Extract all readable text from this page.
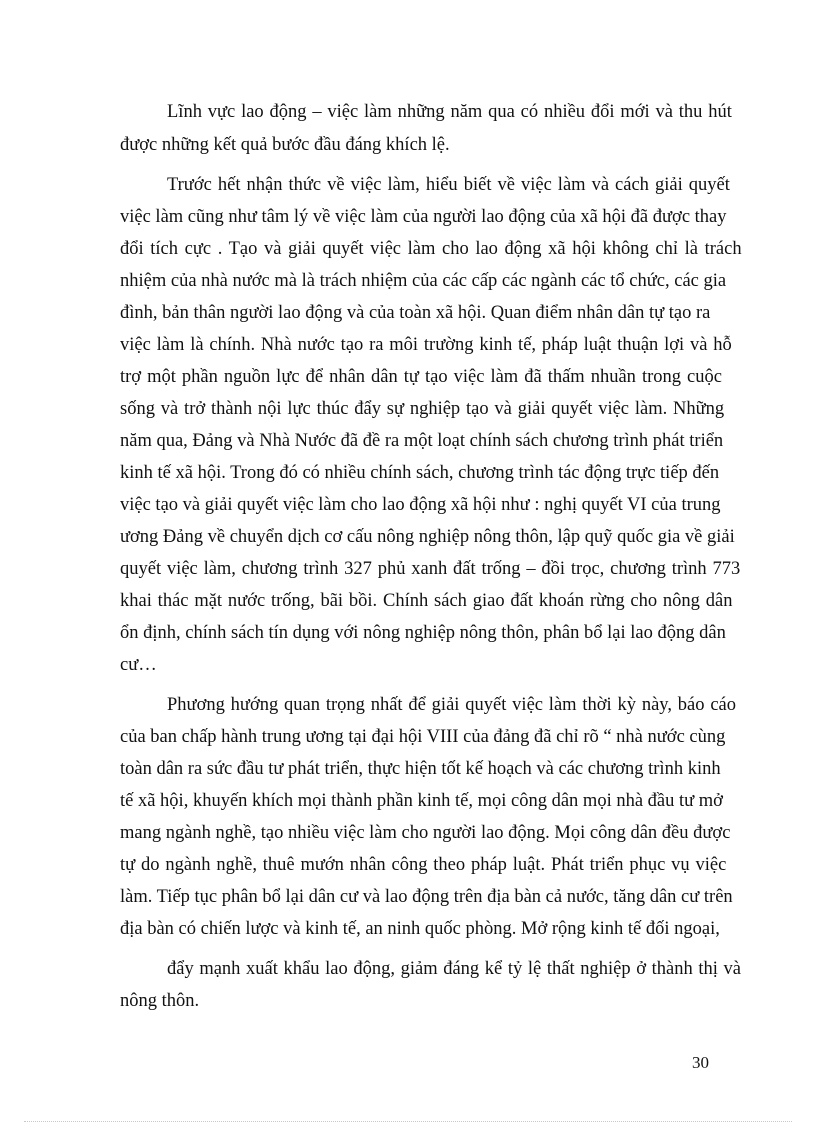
Lĩnh vực lao động – việc làm những năm qua có nhiều đổi mới và thu hút
được những kết quả bước đầu đáng khích lệ.
Trước hết nhận thức về việc làm, hiểu biết về việc làm và cách giải quyết
việc làm cũng như tâm lý về việc làm của người lao động của xã hội đã được thay
đổi tích cực . Tạo và giải quyết việc làm cho lao động xã hội không chỉ là trách
nhiệm của nhà nước mà là trách nhiệm của các cấp các ngành các tổ chức, các gia
đình, bản thân người lao động và của toàn xã hội. Quan điểm nhân dân tự tạo ra
việc làm là chính. Nhà nước tạo ra môi trường kinh tế, pháp luật thuận lợi và hỗ
trợ một phần nguồn lực để nhân dân tự tạo việc làm đã thấm nhuần trong cuộc
sống và trở thành nội lực thúc đẩy sự nghiệp tạo và giải quyết việc làm. Những
năm qua, Đảng và Nhà Nước đã đề ra một loạt chính sách chương trình phát triển
kinh tế xã hội. Trong đó có nhiều chính sách, chương trình tác động trực tiếp đến
việc tạo và giải quyết việc làm cho lao động xã hội như : nghị quyết VI của trung
ương Đảng về chuyển dịch cơ cấu nông nghiệp nông thôn, lập quỹ quốc gia về giải
quyết việc làm, chương trình 327 phủ xanh đất trống – đồi trọc, chương trình 773
khai thác mặt nước trống, bãi bồi. Chính sách giao đất khoán rừng cho nông dân
ổn định, chính sách tín dụng với nông nghiệp nông thôn, phân bổ lại lao động dân
cư…
Phương hướng quan trọng nhất để giải quyết việc làm thời kỳ này, báo cáo
của ban chấp hành trung ương tại đại hội VIII của đảng đã chỉ rõ “ nhà nước cùng
toàn dân ra sức đầu tư phát triển, thực hiện tốt kế hoạch và các chương trình kinh
tế xã hội, khuyến khích mọi thành phần kinh tế, mọi công dân mọi nhà đầu tư mở
mang ngành nghề, tạo nhiều việc làm cho người lao động. Mọi công dân đều được
tự do ngành nghề, thuê mướn nhân công theo pháp luật. Phát triển phục vụ việc
làm. Tiếp tục phân bổ lại dân cư và lao động trên địa bàn cả nước, tăng dân cư trên
địa bàn có chiến lược và kinh tế, an ninh quốc phòng. Mở rộng kinh tế đối ngoại,
đẩy mạnh xuất khẩu lao động, giảm đáng kể tỷ lệ thất nghiệp ở thành thị và
nông thôn.
30
